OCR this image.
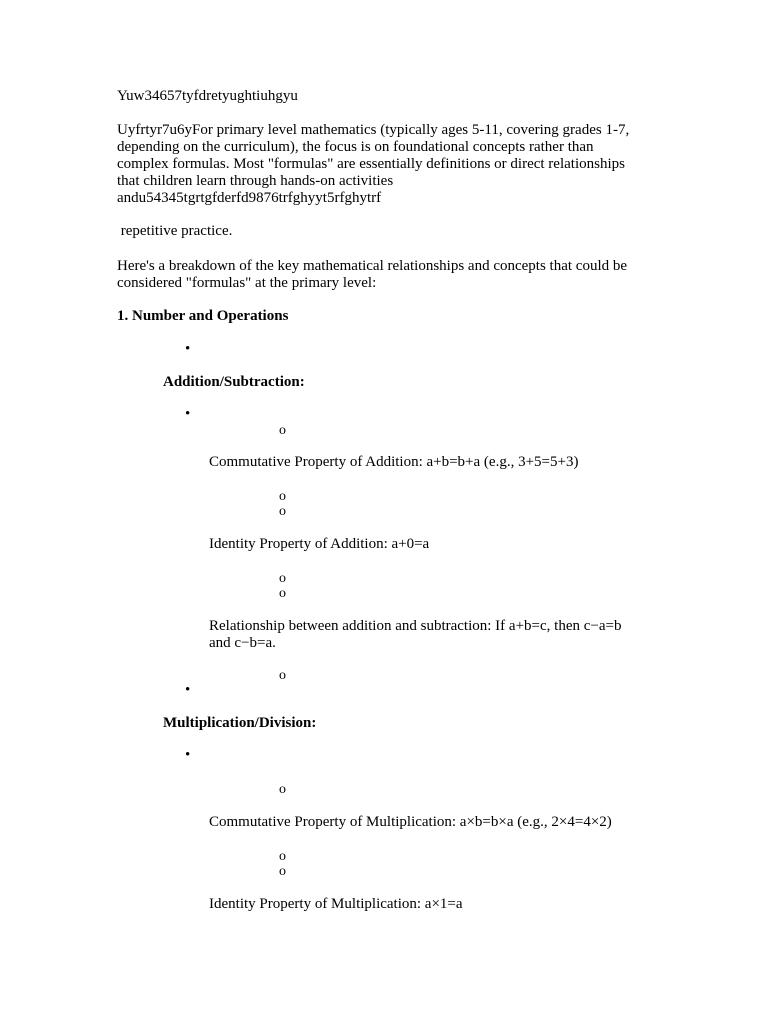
Yuw34657tyfdretyughtiuhgyu
Uyfrtyr7u6yFor primary level mathematics (typically ages 5-11, covering grades 1-7,
depending on the curriculum), the focus is on foundational concepts rather than
complex formulas. Most "formulas" are essentially definitions or direct relationships
that children learn through hands-on activities
andu54345tgrtgfderfd9876trfghyyt5rfghytrf
repetitive practice.
Here's a breakdown of the key mathematical relationships and concepts that could be
considered "formulas" at the primary level:
1. Number and Operations
•
Addition/Subtraction:
•
o
Commutative Property of Addition: a+b=b+a (e.g., 3+5=5+3)
o
o
Identity Property of Addition: a+0=a
o
o
Relationship between addition and subtraction: If a+b=c, then c−a=b
and c−b=a.
o
•
Multiplication/Division:
•
o
Commutative Property of Multiplication: a×b=b×a (e.g., 2×4=4×2)
o
o
Identity Property of Multiplication: a×1=a
